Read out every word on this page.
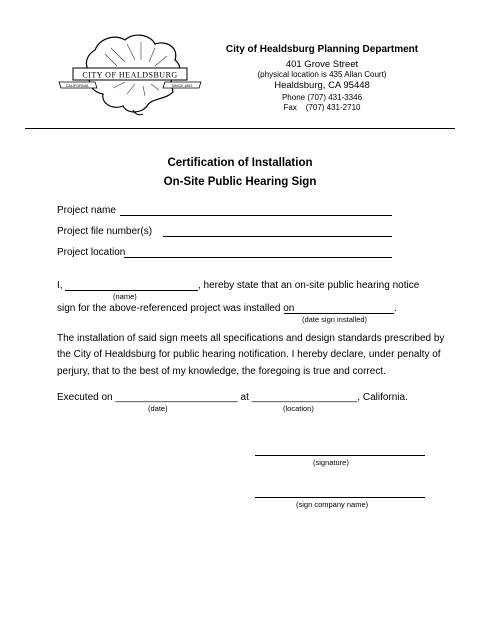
CITY OF HEALDSBURG
CALIFORNIA	SINCE 1867
City of Healdsburg Planning Department
401 Grove Street
(physical location is 435 Allan Court)
Healdsburg, CA 95448
Phone (707) 431-3346
Fax    (707) 431-2710
Certification of Installation
On-Site Public Hearing Sign
Project name
Project file number(s)
Project location
I,	, hereby state that an on-site public hearing notice
(name)
sign for the above-referenced project was installed on	.
(date sign installed)
The installation of said sign meets all specifications and design standards prescribed by
the City of Healdsburg for public hearing notification. I hereby declare, under penalty of
perjury, that to the best of my knowledge, the foregoing is true and correct.
Executed on ______________________ at ___________________, California.
(date)	(location)
(signature)
(sign company name)
